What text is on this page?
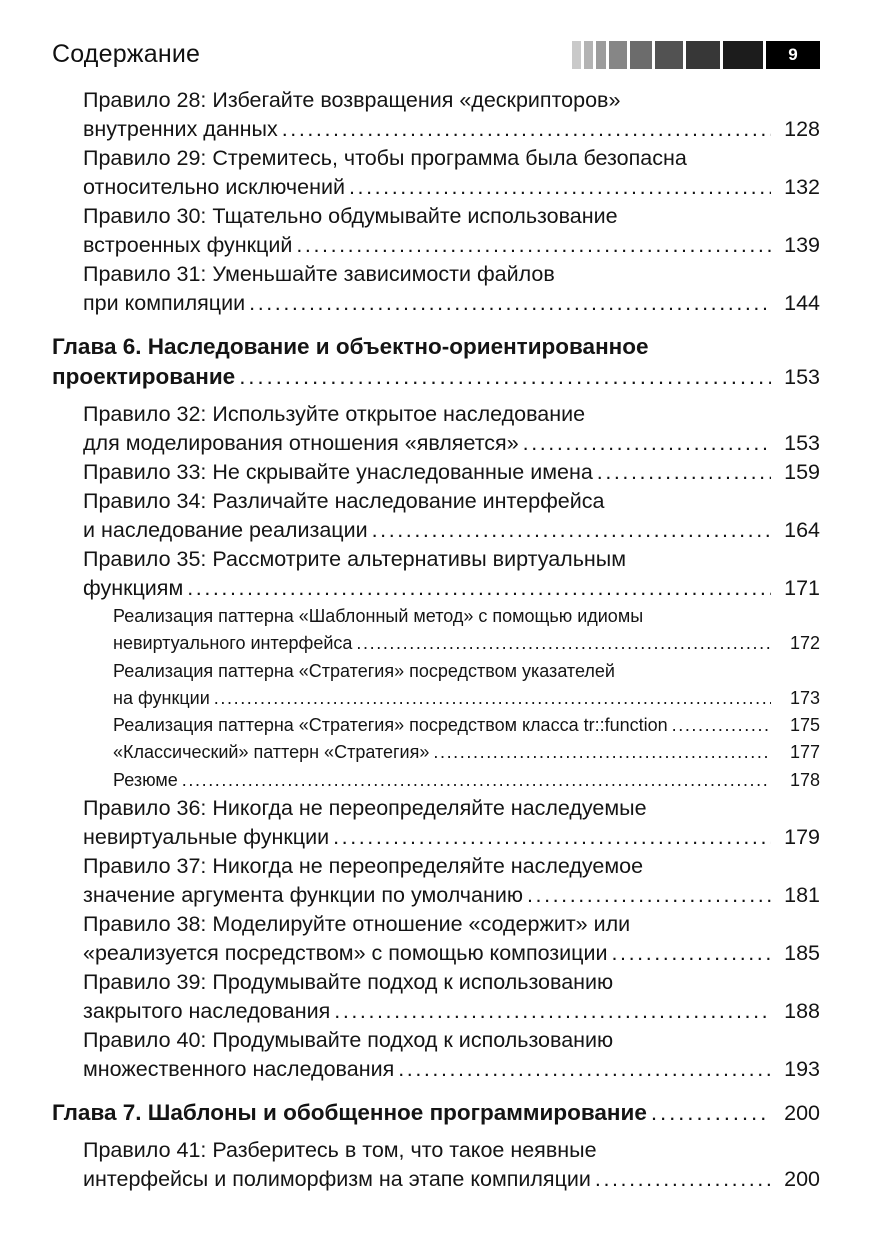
Содержание	9
Правило 28: Избегайте возвращения «дескрипторов»
внутренних данных . . .	128
Правило 29: Стремитесь, чтобы программа была безопасна
относительно исключений . . .	132
Правило 30: Тщательно обдумывайте использование
встроенных функций . . .	139
Правило 31: Уменьшайте зависимости файлов
при компиляции . . .	144
Глава 6. Наследование и объектно-ориентированное
проектирование . . .	153
Правило 32: Используйте открытое наследование
для моделирования отношения «является» . . .	153
Правило 33: Не скрывайте унаследованные имена . . .	159
Правило 34: Различайте наследование интерфейса
и наследование реализации . . .	164
Правило 35: Рассмотрите альтернативы виртуальным
функциям . . .	171
Реализация паттерна «Шаблонный метод» с помощью идиомы
невиртуального интерфейса . . .	172
Реализация паттерна «Стратегия» посредством указателей
на функции . . .	173
Реализация паттерна «Стратегия» посредством класса tr::function . . .	175
«Классический» паттерн «Стратегия» . . .	177
Резюме . . .	178
Правило 36: Никогда не переопределяйте наследуемые
невиртуальные функции . . .	179
Правило 37: Никогда не переопределяйте наследуемое
значение аргумента функции по умолчанию . . .	181
Правило 38: Моделируйте отношение «содержит» или
«реализуется посредством» с помощью композиции . . .	185
Правило 39: Продумывайте подход к использованию
закрытого наследования . . .	188
Правило 40: Продумывайте подход к использованию
множественного наследования . . .	193
Глава 7. Шаблоны и обобщенное программирование . . .	200
Правило 41: Разберитесь в том, что такое неявные
интерфейсы и полиморфизм на этапе компиляции . . .	200
